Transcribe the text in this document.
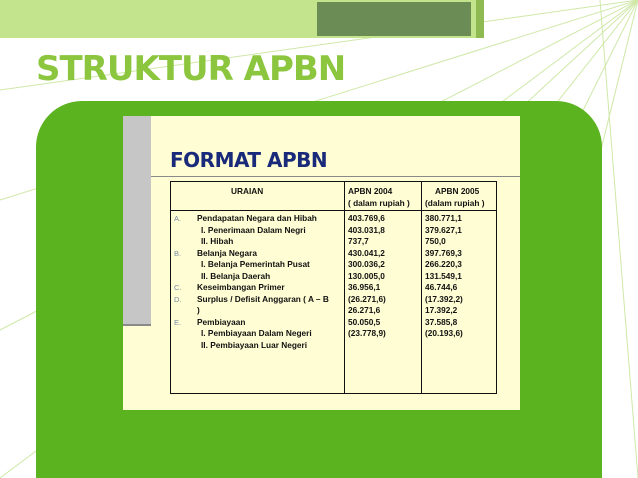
STRUKTUR APBN
FORMAT APBN
URAIAN	APBN 2004
( dalam rupiah )
APBN 2005
(dalam rupiah )
A.
B.
C.
D.
E.
Pendapatan Negara dan Hibah
I. Penerimaan Dalam Negri
II. Hibah
Belanja Negara
I. Belanja Pemerintah Pusat
II. Belanja Daerah
Keseimbangan Primer
Surplus / Defisit Anggaran ( A – B
)
Pembiayaan
I. Pembiayaan Dalam Negeri
II. Pembiayaan Luar Negeri
403.769,6
403.031,8
737,7
430.041,2
300.036,2
130.005,0
36.956,1
(26.271,6)
26.271,6
50.050,5
(23.778,9)
380.771,1
379.627,1
750,0
397.769,3
266.220,3
131.549,1
46.744,6
(17.392,2)
17.392,2
37.585,8
(20.193,6)
